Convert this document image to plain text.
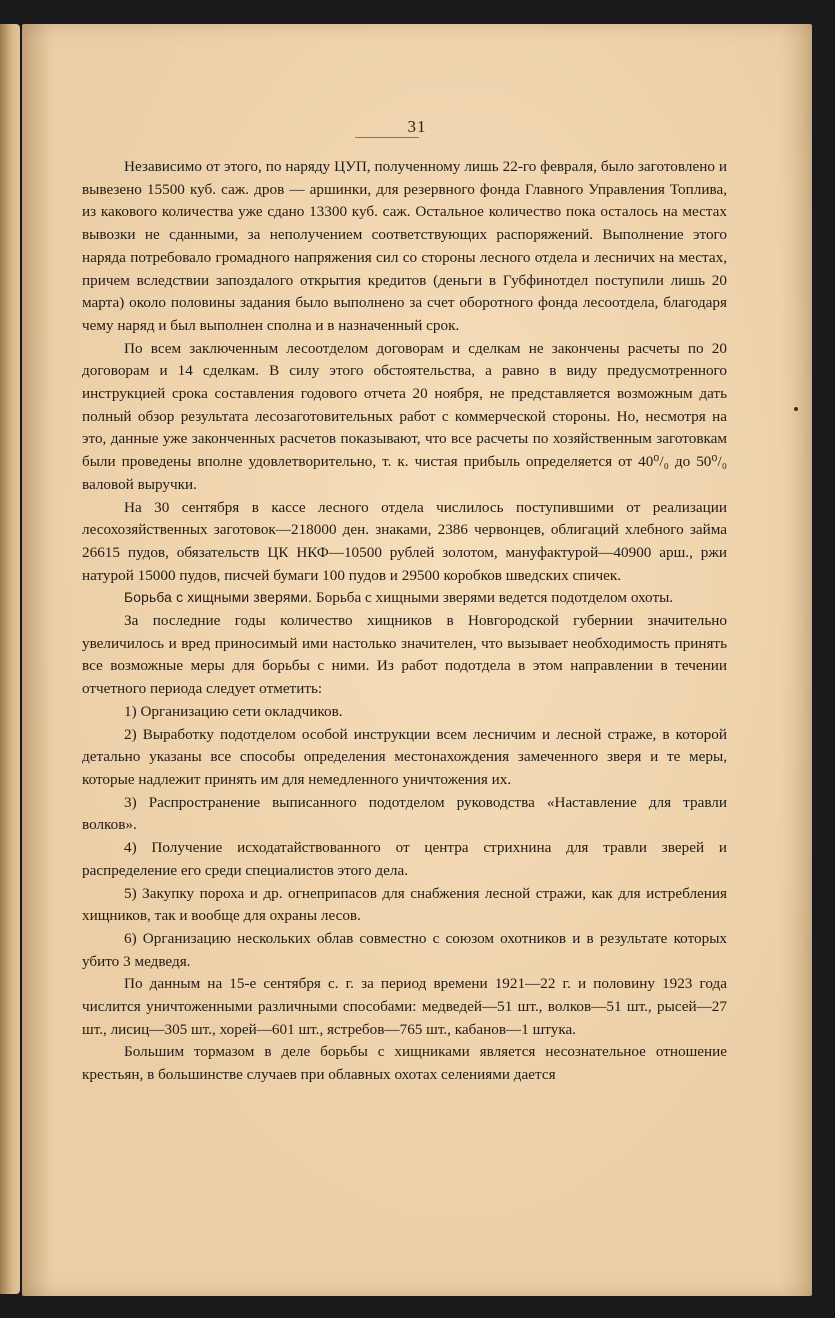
31

Независимо от этого, по наряду ЦУП, полученному лишь 22-го февраля, было заготовлено и вывезено 15500 куб. саж. дров — аршинки, для резервного фонда Главного Управления Топлива, из какового количества уже сдано 13300 куб. саж. Остальное количество пока осталось на местах вывозки не сданными, за неполучением соответствующих распоряжений. Выполнение этого наряда потребовало громадного напряжения сил со стороны лесного отдела и лесничих на местах, причем вследствии запоздалого открытия кредитов (деньги в Губфинотдел поступили лишь 20 марта) около половины задания было выполнено за счет оборотного фонда лесоотдела, благодаря чему наряд и был выполнен сполна и в назначенный срок.

По всем заключенным лесоотделом договорам и сделкам не закончены расчеты по 20 договорам и 14 сделкам. В силу этого обстоятельства, а равно в виду предусмотренного инструкцией срока составления годового отчета 20 ноября, не представляется возможным дать полный обзор результата лесозаготовительных работ с коммерческой стороны. Но, несмотря на это, данные уже законченных расчетов показывают, что все расчеты по хозяйственным заготовкам были проведены вполне удовлетворительно, т. к. чистая прибыль определяется от 40⁰/₀ до 50⁰/₀ валовой выручки.

На 30 сентября в кассе лесного отдела числилось поступившими от реализации лесохозяйственных заготовок—218000 ден. знаками, 2386 червонцев, облигаций хлебного займа 26615 пудов, обязательств ЦК НКФ—10500 рублей золотом, мануфактурой—40900 арш., ржи натурой 15000 пудов, писчей бумаги 100 пудов и 29500 коробков шведских спичек.

Борьба с хищными зверями. Борьба с хищными зверями ведется подотделом охоты.

За последние годы количество хищников в Новгородской губернии значительно увеличилось и вред приносимый ими настолько значителен, что вызывает необходимость принять все возможные меры для борьбы с ними. Из работ подотдела в этом направлении в течении отчетного периода следует отметить:

1) Организацию сети окладчиков.

2) Выработку подотделом особой инструкции всем лесничим и лесной страже, в которой детально указаны все способы определения местонахождения замеченного зверя и те меры, которые надлежит принять им для немедленного уничтожения их.

3) Распространение выписанного подотделом руководства «Наставление для травли волков».

4) Получение исходатайствованного от центра стрихнина для травли зверей и распределение его среди специалистов этого дела.

5) Закупку пороха и др. огнеприпасов для снабжения лесной стражи, как для истребления хищников, так и вообще для охраны лесов.

6) Организацию нескольких облав совместно с союзом охотников и в результате которых убито 3 медведя.

По данным на 15-е сентября с. г. за период времени 1921—22 г. и половину 1923 года числится уничтоженными различными способами: медведей—51 шт., волков—51 шт., рысей—27 шт., лисиц—305 шт., хорей—601 шт., ястребов—765 шт., кабанов—1 штука.

Большим тормазом в деле борьбы с хищниками является несознательное отношение крестьян, в большинстве случаев при облавных охотах селениями дается
